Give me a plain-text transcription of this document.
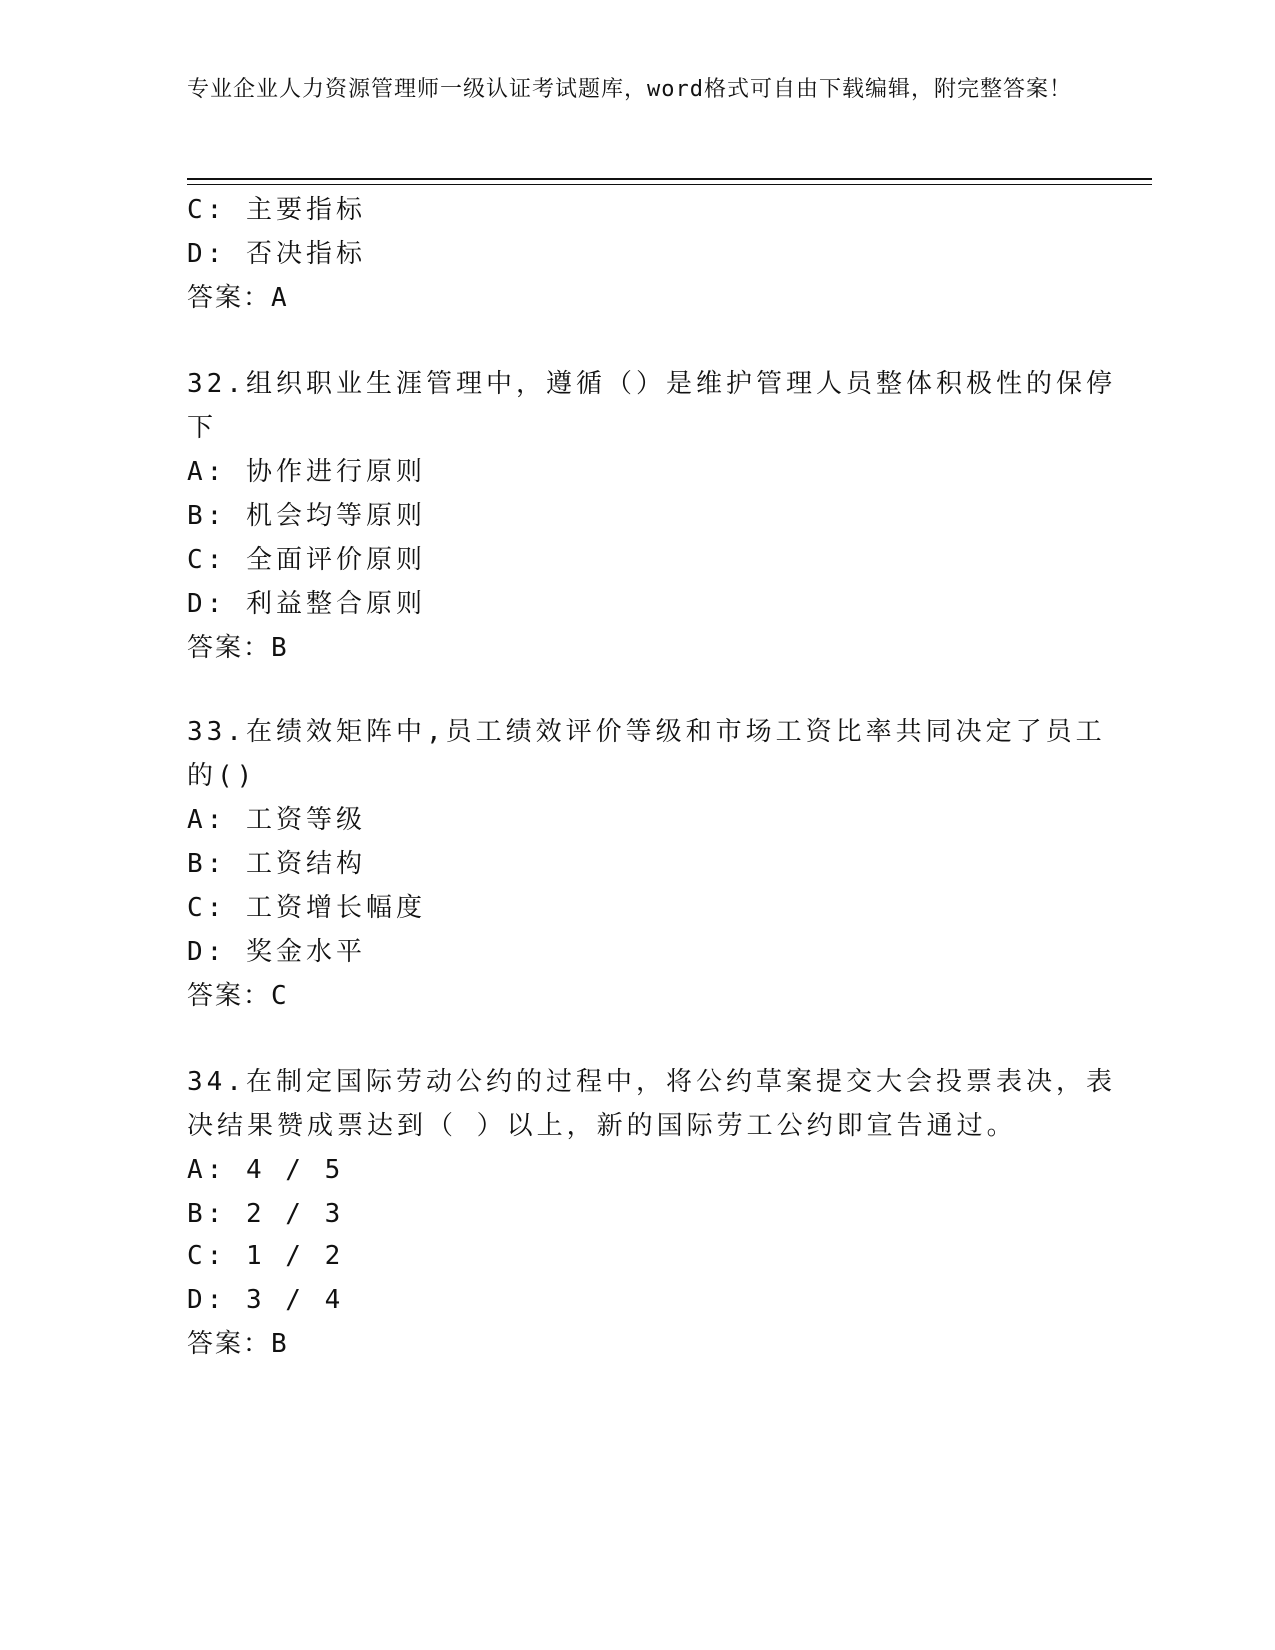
专业企业人力资源管理师一级认证考试题库，word格式可自由下载编辑，附完整答案！
C: 主要指标
D: 否决指标
答案：A
32.组织职业生涯管理中，遵循（）是维护管理人员整体积极性的保停
下
A: 协作进行原则
B: 机会均等原则
C: 全面评价原则
D: 利益整合原则
答案：B
33.在绩效矩阵中,员工绩效评价等级和市场工资比率共同决定了员工
的()
A: 工资等级
B: 工资结构
C: 工资增长幅度
D: 奖金水平
答案：C
34.在制定国际劳动公约的过程中，将公约草案提交大会投票表决，表
决结果赞成票达到（ ）以上，新的国际劳工公约即宣告通过。
A: 4 / 5
B: 2 / 3
C: 1 / 2
D: 3 / 4
答案：B
